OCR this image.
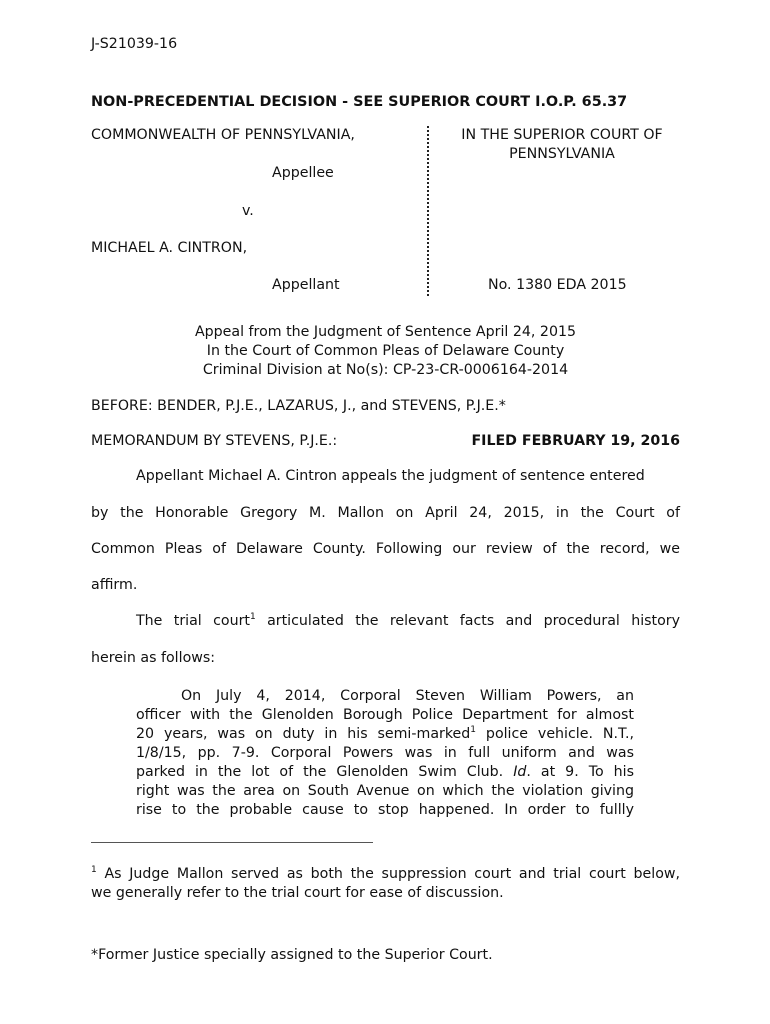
J-S21039-16
NON-PRECEDENTIAL DECISION - SEE SUPERIOR COURT I.O.P. 65.37
COMMONWEALTH OF PENNSYLVANIA,
Appellee
v.
MICHAEL A. CINTRON,
Appellant
IN THE SUPERIOR COURT OF
PENNSYLVANIA
No. 1380 EDA 2015
Appeal from the Judgment of Sentence April 24, 2015
In the Court of Common Pleas of Delaware County
Criminal Division at No(s): CP-23-CR-0006164-2014
BEFORE: BENDER, P.J.E., LAZARUS, J., and STEVENS, P.J.E.*
MEMORANDUM BY STEVENS, P.J.E.:	FILED FEBRUARY 19, 2016
Appellant Michael A. Cintron appeals the judgment of sentence entered
by the Honorable Gregory M. Mallon on April 24, 2015, in the Court of
Common Pleas of Delaware County. Following our review of the record, we
affirm.
The trial court$^1$ articulated the relevant facts and procedural history
herein as follows:
On July 4, 2014, Corporal Steven William Powers, an
officer with the Glenolden Borough Police Department for almost
20 years, was on duty in his semi-marked$^1$ police vehicle. N.T.,
1/8/15, pp. 7-9. Corporal Powers was in full uniform and was
parked in the lot of the Glenolden Swim Club. Id. at 9. To his
right was the area on South Avenue on which the violation giving
rise to the probable cause to stop happened. In order to fullly
$^1$ As Judge Mallon served as both the suppression court and trial court below,
we generally refer to the trial court for ease of discussion.
*Former Justice specially assigned to the Superior Court.
